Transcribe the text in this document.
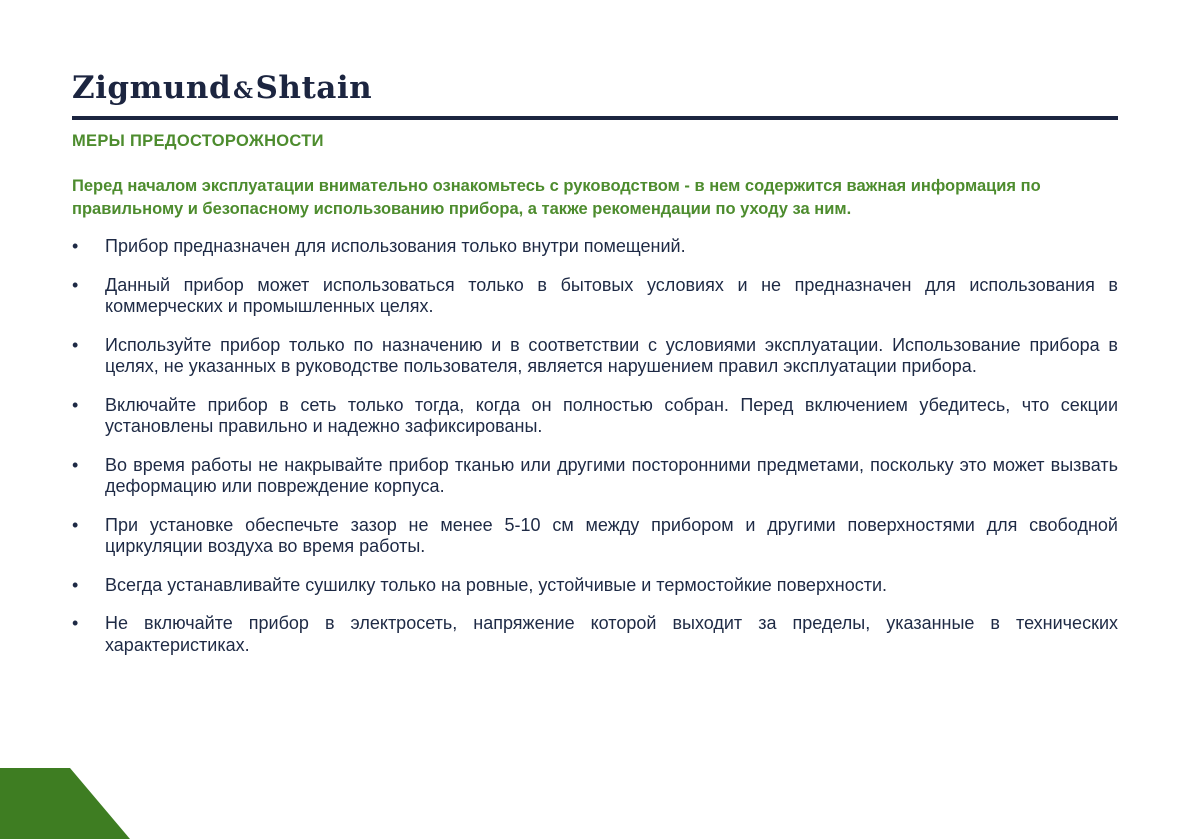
Zigmund&Shtain
МЕРЫ ПРЕДОСТОРОЖНОСТИ

Перед началом эксплуатации внимательно ознакомьтесь с руководством - в нем содержится важная информация по правильному и безопасному использованию прибора, а также рекомендации по уходу за ним.

•	Прибор предназначен для использования только внутри помещений.
•	Данный прибор может использоваться только в бытовых условиях и не предназначен для использования в коммерческих и промышленных целях.
•	Используйте прибор только по назначению и в соответствии с условиями эксплуатации. Использование прибора в целях, не указанных в руководстве пользователя, является нарушением правил эксплуатации прибора.
•	Включайте прибор в сеть только тогда, когда он полностью собран. Перед включением убедитесь, что секции установлены правильно и надежно зафиксированы.
•	Во время работы не накрывайте прибор тканью или другими посторонними предметами, поскольку это может вызвать деформацию или повреждение корпуса.
•	При установке обеспечьте зазор не менее 5-10 см между прибором и другими поверхностями для свободной циркуляции воздуха во время работы.
•	Всегда устанавливайте сушилку только на ровные, устойчивые и термостойкие поверхности.
•	Не включайте прибор в электросеть, напряжение которой выходит за пределы, указанные в технических характеристиках.
